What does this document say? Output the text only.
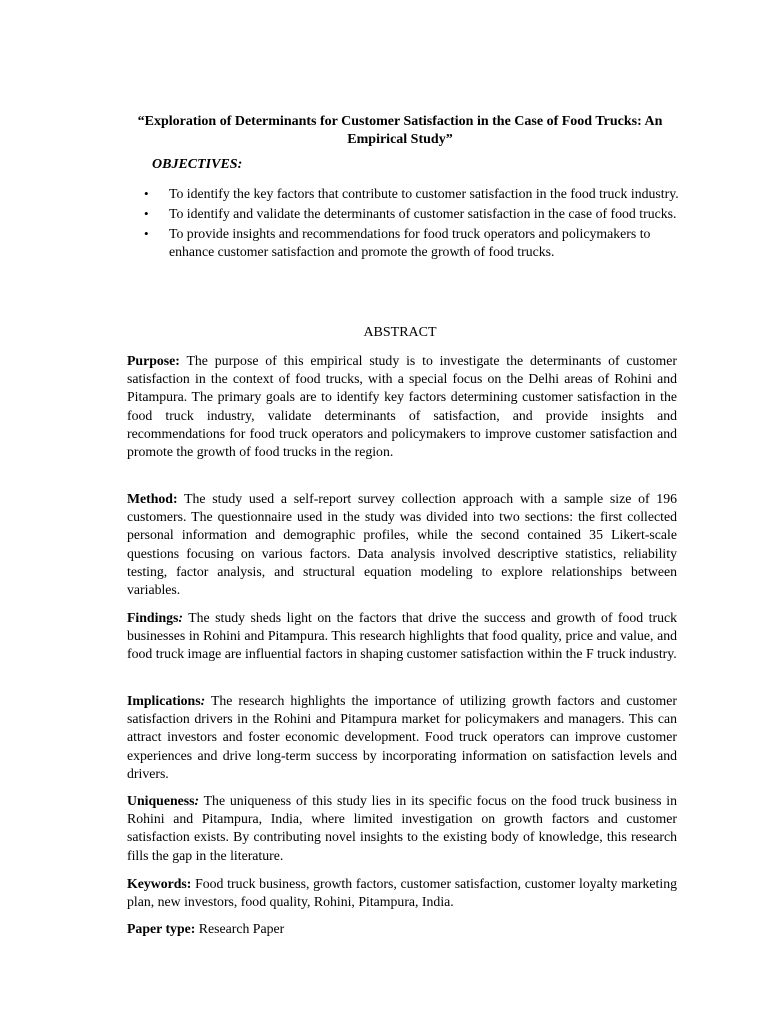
“Exploration of Determinants for Customer Satisfaction in the Case of Food Trucks: An Empirical Study”
OBJECTIVES:
• To identify the key factors that contribute to customer satisfaction in the food truck industry.
• To identify and validate the determinants of customer satisfaction in the case of food trucks.
• To provide insights and recommendations for food truck operators and policymakers to enhance customer satisfaction and promote the growth of food trucks.
ABSTRACT

Purpose: The purpose of this empirical study is to investigate the determinants of customer satisfaction in the context of food trucks, with a special focus on the Delhi areas of Rohini and Pitampura. The primary goals are to identify key factors determining customer satisfaction in the food truck industry, validate determinants of satisfaction, and provide insights and recommendations for food truck operators and policymakers to improve customer satisfaction and promote the growth of food trucks in the region.

Method: The study used a self-report survey collection approach with a sample size of 196 customers. The questionnaire used in the study was divided into two sections: the first collected personal information and demographic profiles, while the second contained 35 Likert-scale questions focusing on various factors. Data analysis involved descriptive statistics, reliability testing, factor analysis, and structural equation modeling to explore relationships between variables.

Findings: The study sheds light on the factors that drive the success and growth of food truck businesses in Rohini and Pitampura. This research highlights that food quality, price and value, and food truck image are influential factors in shaping customer satisfaction within the F truck industry.

Implications: The research highlights the importance of utilizing growth factors and customer satisfaction drivers in the Rohini and Pitampura market for policymakers and managers. This can attract investors and foster economic development. Food truck operators can improve customer experiences and drive long-term success by incorporating information on satisfaction levels and drivers.

Uniqueness: The uniqueness of this study lies in its specific focus on the food truck business in Rohini and Pitampura, India, where limited investigation on growth factors and customer satisfaction exists. By contributing novel insights to the existing body of knowledge, this research fills the gap in the literature.

Keywords: Food truck business, growth factors, customer satisfaction, customer loyalty marketing plan, new investors, food quality, Rohini, Pitampura, India.

Paper type: Research Paper
